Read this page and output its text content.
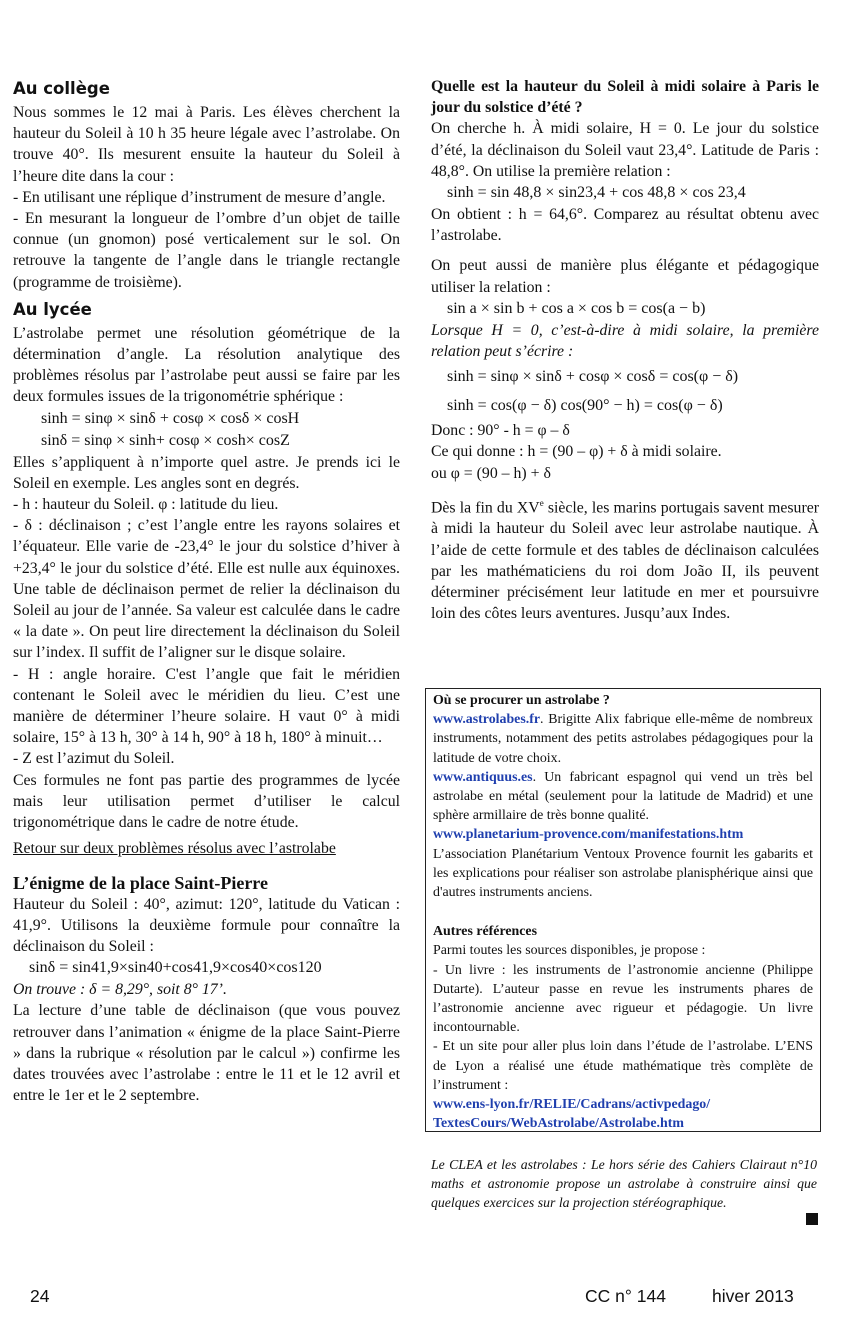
Au collège

Nous sommes le 12 mai à Paris. Les élèves cherchent la hauteur du Soleil à 10 h 35 heure légale avec l’astrolabe. On trouve 40°. Ils mesurent ensuite la hauteur du Soleil à l’heure dite dans la cour :

- En utilisant une réplique d’instrument de mesure d’angle.

- En mesurant la longueur de l’ombre d’un objet de taille connue (un gnomon) posé verticalement sur le sol. On retrouve la tangente de l’angle dans le triangle rectangle (programme de troisième).

Au lycée

L’astrolabe permet une résolution géométrique de la détermination d’angle. La résolution analytique des problèmes résolus par l’astrolabe peut aussi se faire par les deux formules issues de la trigonométrie sphérique :

sinh = sinφ × sinδ + cosφ × cosδ × cosH

sinδ = sinφ × sinh+ cosφ × cosh× cosZ

Elles s’appliquent à n’importe quel astre. Je prends ici le Soleil en exemple. Les angles sont en degrés.

- h : hauteur du Soleil. φ : latitude du lieu.

- δ : déclinaison ; c’est l’angle entre les rayons solaires et l’équateur. Elle varie de -23,4° le jour du solstice d’hiver à +23,4° le jour du solstice d’été. Elle est nulle aux équinoxes. Une table de déclinaison permet de relier la déclinaison du Soleil au jour de l’année. Sa valeur est calculée dans le cadre « la date ». On peut lire directement la déclinaison du Soleil sur l’index. Il suffit de l’aligner sur le disque solaire.

- H : angle horaire. C'est l’angle que fait le méridien contenant le Soleil avec le méridien du lieu. C’est une manière de déterminer l’heure solaire. H vaut 0° à midi solaire, 15° à 13 h, 30° à 14 h, 90° à 18 h, 180° à minuit…

- Z est l’azimut du Soleil.

Ces formules ne font pas partie des programmes de lycée mais leur utilisation permet d’utiliser le calcul trigonométrique dans le cadre de notre étude.

Retour sur deux problèmes résolus avec l’astrolabe

L’énigme de la place Saint-Pierre

Hauteur du Soleil : 40°, azimut: 120°, latitude du Vatican : 41,9°. Utilisons la deuxième formule pour connaître la déclinaison du Soleil :

sinδ = sin41,9×sin40+cos41,9×cos40×cos120

On trouve : δ = 8,29°, soit 8° 17’.

La lecture d’une table de déclinaison (que vous pouvez retrouver dans l’animation « énigme de la place Saint-Pierre » dans la rubrique « résolution par le calcul ») confirme les dates trouvées avec l’astrolabe : entre le 11 et le 12 avril et entre le 1er et le 2 septembre.

Quelle est la hauteur du Soleil à midi solaire à Paris le jour du solstice d’été ?

On cherche h. À midi solaire, H = 0. Le jour du solstice d’été, la déclinaison du Soleil vaut 23,4°. Latitude de Paris : 48,8°. On utilise la première relation :

sinh = sin 48,8 × sin23,4 + cos 48,8 × cos 23,4

On obtient : h = 64,6°. Comparez au résultat obtenu avec l’astrolabe.

On peut aussi de manière plus élégante et pédagogique utiliser la relation :

sin a × sin b + cos a × cos b = cos(a − b)

Lorsque H = 0, c’est-à-dire à midi solaire, la première relation peut s’écrire :

sinh = sinφ × sinδ + cosφ × cosδ = cos(φ − δ)

sinh = cos(φ − δ) cos(90° − h) = cos(φ − δ)

Donc : 90° - h = φ – δ

Ce qui donne : h = (90 – φ) + δ à midi solaire.

ou φ = (90 – h) + δ

Dès la fin du XVe siècle, les marins portugais savent mesurer à midi la hauteur du Soleil avec leur astrolabe nautique. À l’aide de cette formule et des tables de déclinaison calculées par les mathématiciens du roi dom João II, ils peuvent déterminer précisément leur latitude en mer et poursuivre loin des côtes leurs aventures. Jusqu’aux Indes.

Où se procurer un astrolabe ?

www.astrolabes.fr. Brigitte Alix fabrique elle-même de nombreux instruments, notamment des petits astrolabes pédagogiques pour la latitude de votre choix.

www.antiquus.es. Un fabricant espagnol qui vend un très bel astrolabe en métal (seulement pour la latitude de Madrid) et une sphère armillaire de très bonne qualité.

www.planetarium-provence.com/manifestations.htm

L’association Planétarium Ventoux Provence fournit les gabarits et les explications pour réaliser son astrolabe planisphérique ainsi que d'autres instruments anciens.

Autres références

Parmi toutes les sources disponibles, je propose :

- Un livre : les instruments de l’astronomie ancienne (Philippe Dutarte). L’auteur passe en revue les instruments phares de l’astronomie ancienne avec rigueur et pédagogie. Un livre incontournable.

- Et un site pour aller plus loin dans l’étude de l’astrolabe. L’ENS de Lyon a réalisé une étude mathématique très complète de l’instrument :

www.ens-lyon.fr/RELIE/Cadrans/activpedago/ TextesCours/WebAstrolabe/Astrolabe.htm

Le CLEA et les astrolabes : Le hors série des Cahiers Clairaut n°10 maths et astronomie propose un astrolabe à construire ainsi que quelques exercices sur la projection stéréographique.

24	CC n° 144	hiver 2013
